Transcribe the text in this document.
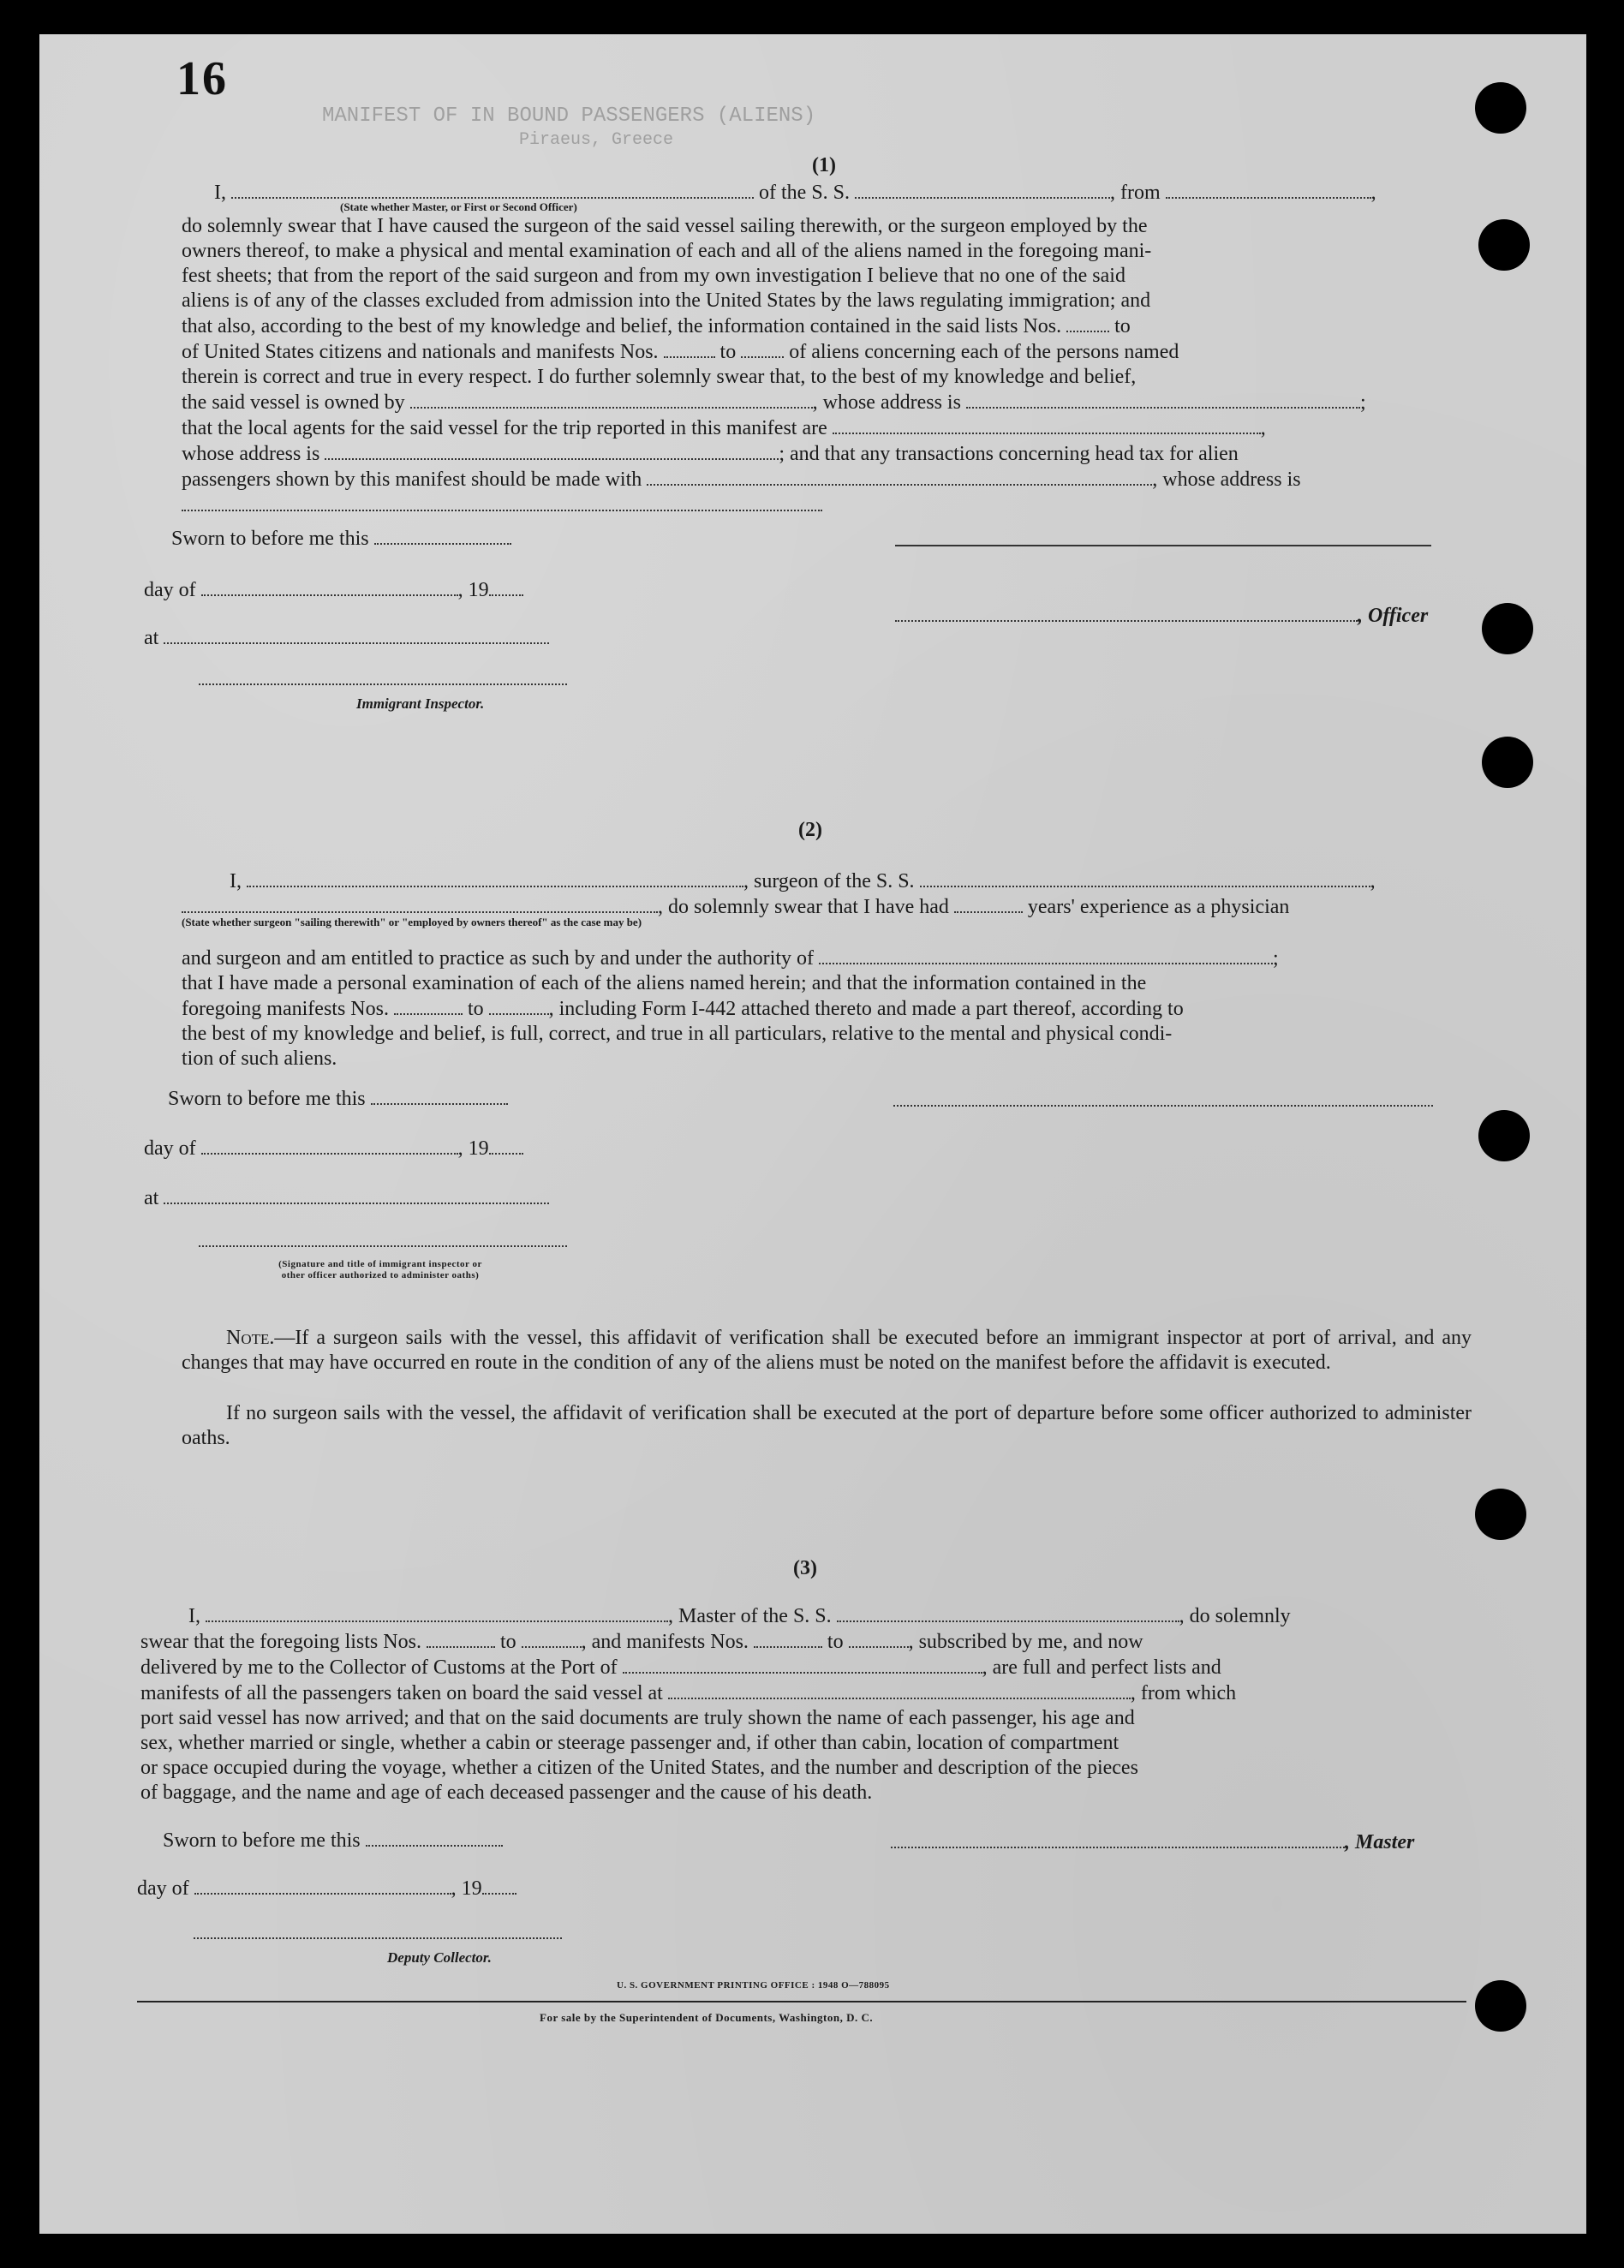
16
MANIFEST OF IN BOUND PASSENGERS (ALIENS)
Piraeus, Greece
(1)
I,	of the S. S.	, from	,
(State whether Master, or First or Second Officer)
do solemnly swear that I have caused the surgeon of the said vessel sailing therewith, or the surgeon employed by the
owners thereof, to make a physical and mental examination of each and all of the aliens named in the foregoing mani-
fest sheets; that from the report of the said surgeon and from my own investigation I believe that no one of the said
aliens is of any of the classes excluded from admission into the United States by the laws regulating immigration; and
that also, according to the best of my knowledge and belief, the information contained in the said lists Nos.	to
of United States citizens and nationals and manifests Nos.	to	of aliens concerning each of the persons named
therein is correct and true in every respect. I do further solemnly swear that, to the best of my knowledge and belief,
the said vessel is owned by	, whose address is	;
that the local agents for the said vessel for the trip reported in this manifest are	,
whose address is	; and that any transactions concerning head tax for alien
passengers shown by this manifest should be made with	, whose address is
Sworn to before me this
day of	, 19
, Officer
at
Immigrant Inspector.
(2)
I,	, surgeon of the S. S.	,
, do solemnly swear that I have had	years' experience as a physician
(State whether surgeon "sailing therewith" or "employed by owners thereof" as the case may be)
and surgeon and am entitled to practice as such by and under the authority of	;
that I have made a personal examination of each of the aliens named herein; and that the information contained in the
foregoing manifests Nos.	to	, including Form I-442 attached thereto and made a part thereof, according to
the best of my knowledge and belief, is full, correct, and true in all particulars, relative to the mental and physical condi-
tion of such aliens.
Sworn to before me this
day of	, 19
at
(Signature and title of immigrant inspector or
other officer authorized to administer oaths)
Note.—If a surgeon sails with the vessel, this affidavit of verification shall be executed before an immigrant inspector at port of arrival, and any changes that may have occurred en route in the condition of any of the aliens must be noted on the manifest before the affidavit is executed.
If no surgeon sails with the vessel, the affidavit of verification shall be executed at the port of departure before some officer authorized to administer oaths.
(3)
I,	, Master of the S. S.	, do solemnly
swear that the foregoing lists Nos.	to	, and manifests Nos.	to	, subscribed by me, and now
delivered by me to the Collector of Customs at the Port of	, are full and perfect lists and
manifests of all the passengers taken on board the said vessel at	, from which
port said vessel has now arrived; and that on the said documents are truly shown the name of each passenger, his age and
sex, whether married or single, whether a cabin or steerage passenger and, if other than cabin, location of compartment
or space occupied during the voyage, whether a citizen of the United States, and the number and description of the pieces
of baggage, and the name and age of each deceased passenger and the cause of his death.
Sworn to before me this	, Master
day of	, 19
Deputy Collector.
U. S. GOVERNMENT PRINTING OFFICE : 1948 O—788095
For sale by the Superintendent of Documents, Washington, D. C.
